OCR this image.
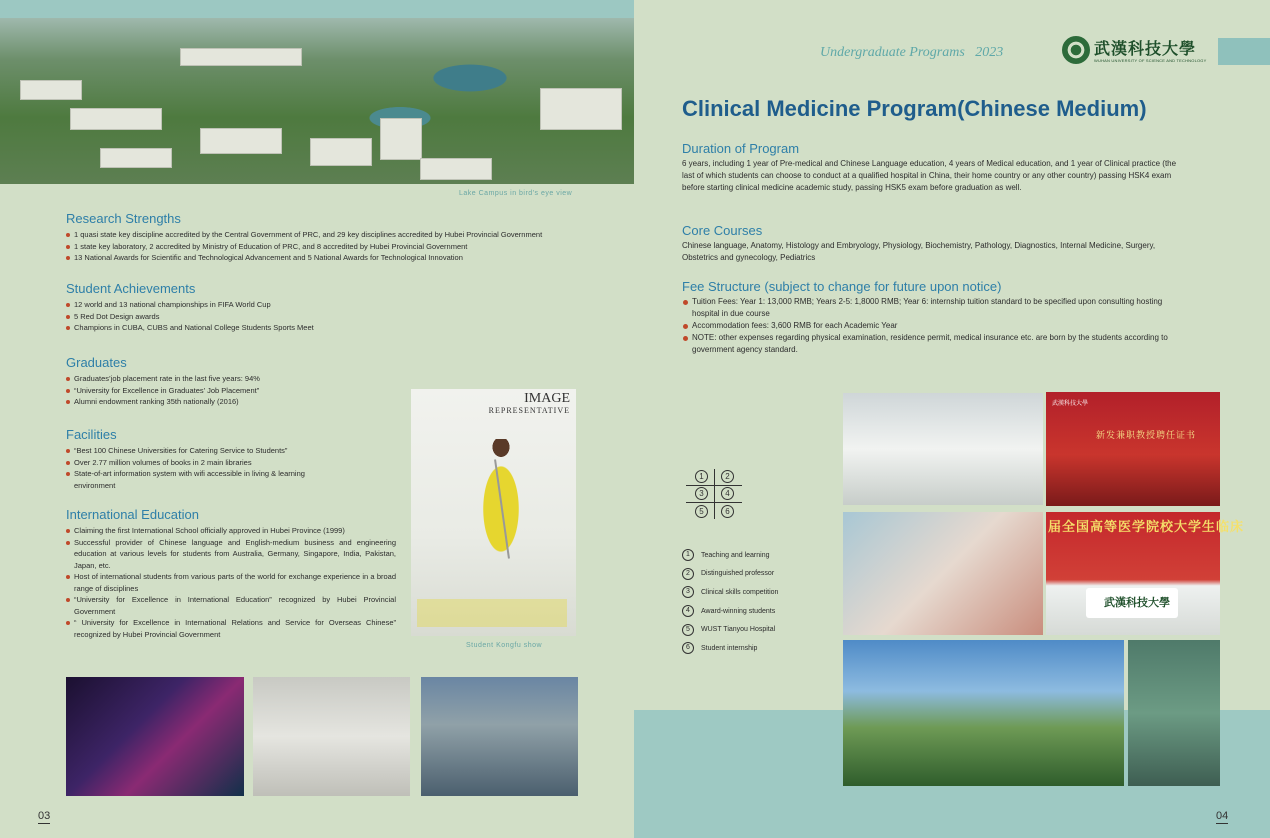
Lake Campus in bird's eye view
Research Strengths

1 quasi state key discipline accredited by the Central Government of PRC, and 29 key disciplines accredited by Hubei Provincial Government

1 state key laboratory, 2 accredited by Ministry of Education of PRC, and 8 accredited by Hubei Provincial Government

13 National Awards for Scientific and Technological Advancement and 5 National Awards for Technological Innovation

Student Achievements

12 world and 13 national championships in FIFA World Cup

5 Red Dot Design awards

Champions in CUBA, CUBS and National College Students Sports Meet

Graduates

Graduates’job placement rate in the last five years: 94%

“University for Excellence in Graduates’ Job Placement”

Alumni endowment ranking 35th nationally (2016)

Facilities

“Best 100 Chinese Universities for Catering Service to Students”

Over 2.77 million volumes of books in 2 main libraries

State-of-art information system with wifi accessible in living & learning environment

International Education

Claiming the first International School officially approved in Hubei Province (1999)

Successful provider of Chinese language and English-medium business and engineering education at various levels for students from Australia, Germany, Singapore, India, Pakistan, Japan, etc.

Host of international students from various parts of the world for exchange experience in a broad range of disciplines

“University for Excellence in International Education” recognized by Hubei Provincial Government

“ University for Excellence in International Relations and Service for Overseas Chinese” recognized by Hubei Provincial Government

IMAGE
REPRESENTATIVE
Student Kongfu show
03
Undergraduate Programs   2023	武漢科技大學
WUHAN UNIVERSITY OF SCIENCE AND TECHNOLOGY
Clinical Medicine Program(Chinese Medium)
Duration of Program

6 years, including 1 year of Pre-medical and Chinese Language education, 4 years of Medical education, and 1 year of Clinical practice (the last of which students can choose to conduct at a qualified hospital in China, their home country or any other country) passing HSK4 exam before starting clinical medicine academic study, passing HSK5 exam before graduation as well.

Core Courses

Chinese language, Anatomy, Histology and Embryology, Physiology, Biochemistry, Pathology, Diagnostics, Internal Medicine, Surgery, Obstetrics and gynecology, Pediatrics

Fee Structure (subject to change for future upon notice)

Tuition Fees: Year 1: 13,000 RMB; Years 2-5: 1,8000 RMB; Year 6: internship tuition standard to be specified upon consulting hosting hospital in due course

Accommodation fees: 3,600 RMB for each Academic Year

NOTE: other expenses regarding physical examination, residence permit, medical insurance etc. are born by the students according to government agency standard.

1	2
3	4
5	6
1	Teaching and learning
2	Distinguished professor
3	Clinical skills competition
4	Award-winning students
5	WUST Tianyou Hospital
6	Student internship
武漢科技大學
新发兼职教授聘任证书
届全国高等医学院校大学生临床
武漢科技大學
04
